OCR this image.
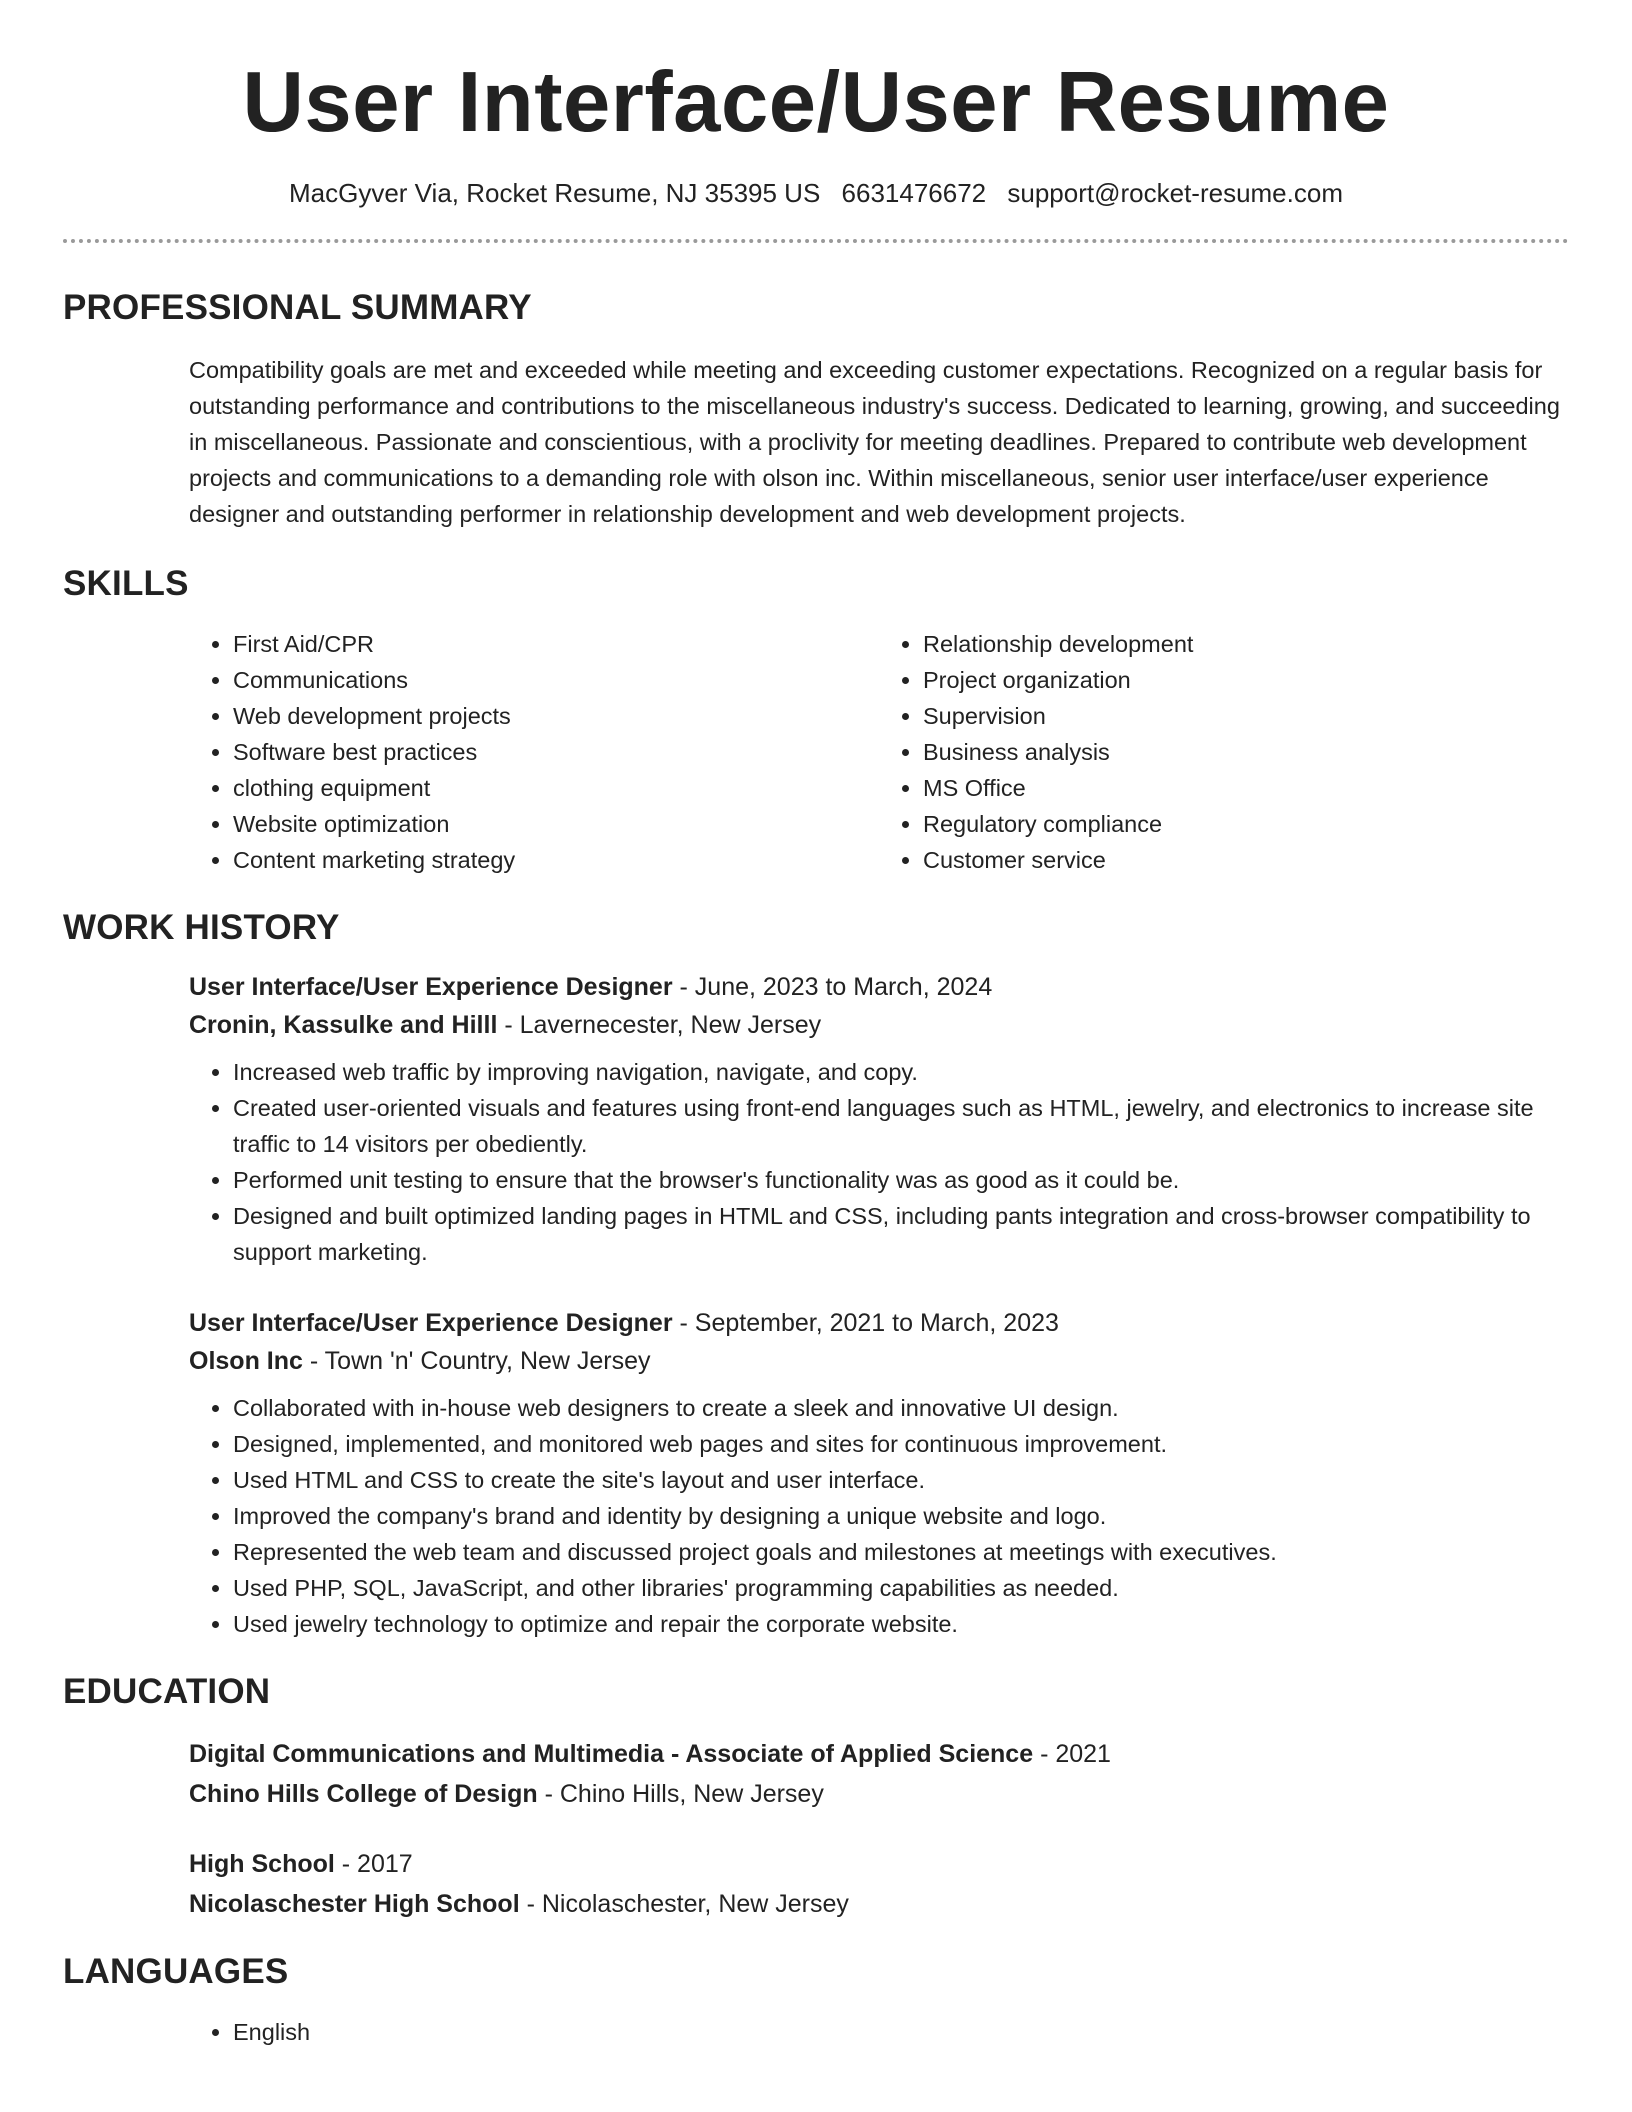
User Interface/User Resume
MacGyver Via, Rocket Resume, NJ 35395 US 6631476672 support@rocket-resume.com
PROFESSIONAL SUMMARY

Compatibility goals are met and exceeded while meeting and exceeding customer expectations. Recognized on a regular basis for outstanding performance and contributions to the miscellaneous industry's success. Dedicated to learning, growing, and succeeding in miscellaneous. Passionate and conscientious, with a proclivity for meeting deadlines. Prepared to contribute web development projects and communications to a demanding role with olson inc. Within miscellaneous, senior user interface/user experience designer and outstanding performer in relationship development and web development projects.

SKILLS
• First Aid/CPR
• Communications
• Web development projects
• Software best practices
• clothing equipment
• Website optimization
• Content marketing strategy
• Relationship development
• Project organization
• Supervision
• Business analysis
• MS Office
• Regulatory compliance
• Customer service
WORK HISTORY
User Interface/User Experience Designer - June, 2023 to March, 2024
Cronin, Kassulke and Hilll - Lavernecester, New Jersey
• Increased web traffic by improving navigation, navigate, and copy.
• Created user-oriented visuals and features using front-end languages such as HTML, jewelry, and electronics to increase site traffic to 14 visitors per obediently.
• Performed unit testing to ensure that the browser's functionality was as good as it could be.
• Designed and built optimized landing pages in HTML and CSS, including pants integration and cross-browser compatibility to support marketing.
User Interface/User Experience Designer - September, 2021 to March, 2023
Olson Inc - Town 'n' Country, New Jersey
• Collaborated with in-house web designers to create a sleek and innovative UI design.
• Designed, implemented, and monitored web pages and sites for continuous improvement.
• Used HTML and CSS to create the site's layout and user interface.
• Improved the company's brand and identity by designing a unique website and logo.
• Represented the web team and discussed project goals and milestones at meetings with executives.
• Used PHP, SQL, JavaScript, and other libraries' programming capabilities as needed.
• Used jewelry technology to optimize and repair the corporate website.
EDUCATION
Digital Communications and Multimedia - Associate of Applied Science - 2021
Chino Hills College of Design - Chino Hills, New Jersey
High School - 2017
Nicolaschester High School - Nicolaschester, New Jersey
LANGUAGES
• English
